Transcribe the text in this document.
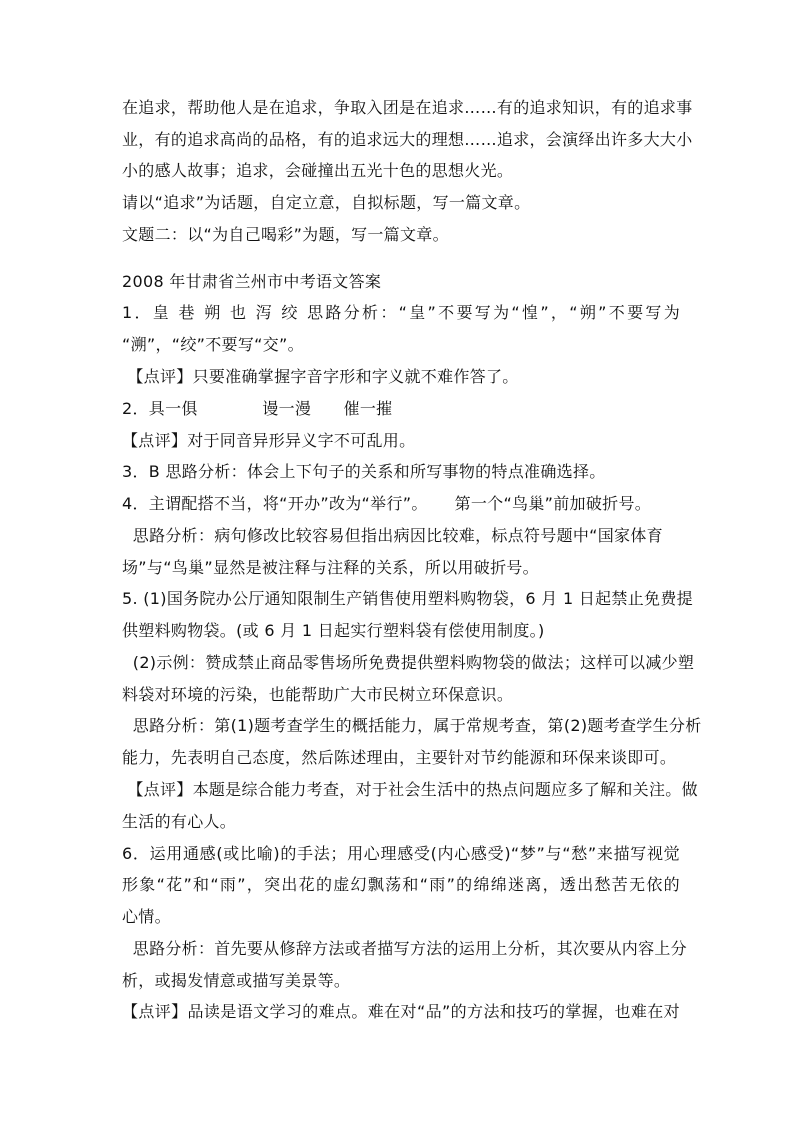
在追求，帮助他人是在追求，争取入团是在追求……有的追求知识，有的追求事
业，有的追求高尚的品格，有的追求远大的理想……追求，会演绎出许多大大小
小的感人故事；追求，会碰撞出五光十色的思想火光。
请以“追求”为话题，自定立意，自拟标题，写一篇文章。
文题二：以“为自己喝彩”为题，写一篇文章。
2008 年甘肃省兰州市中考语文答案
1．皇 巷 朔 也 泻 绞 思路分析：“皇”不要写为“惶”，“朔”不要写为
“溯”，“绞”不要写“交”。
【点评】只要准确掌握字音字形和字义就不难作答了。
2．具一俱            谩一漫      催一摧
【点评】对于同音异形异义字不可乱用。
3．B 思路分析：体会上下句子的关系和所写事物的特点准确选择。
4．主谓配搭不当，将“开办”改为“举行”。     第一个“鸟巢”前加破折号。
思路分析：病句修改比较容易但指出病因比较难，标点符号题中“国家体育
场”与“鸟巢”显然是被注释与注释的关系，所以用破折号。
5. (1)国务院办公厅通知限制生产销售使用塑料购物袋，6 月 1 日起禁止免费提
供塑料购物袋。(或 6 月 1 日起实行塑料袋有偿使用制度。)
(2)示例：赞成禁止商品零售场所免费提供塑料购物袋的做法；这样可以减少塑
料袋对环境的污染，也能帮助广大市民树立环保意识。
思路分析：第(1)题考查学生的概括能力，属于常规考查，第(2)题考查学生分析
能力，先表明自己态度，然后陈述理由，主要针对节约能源和环保来谈即可。
【点评】本题是综合能力考查，对于社会生活中的热点问题应多了解和关注。做
生活的有心人。
6．运用通感(或比喻)的手法；用心理感受(内心感受)“梦”与“愁”来描写视觉
形象“花”和“雨”，突出花的虚幻飘荡和“雨”的绵绵迷离，透出愁苦无依的
心情。
思路分析：首先要从修辞方法或者描写方法的运用上分析，其次要从内容上分
析，或揭发情意或描写美景等。
【点评】品读是语文学习的难点。难在对“品”的方法和技巧的掌握，也难在对
